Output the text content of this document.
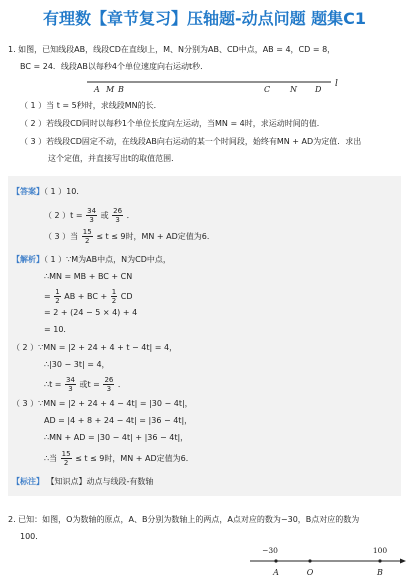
有理数【章节复习】压轴题-动点问题 题集C1
1. 如图，已知线段AB，线段CD在直线l上，M、N分别为AB、CD中点，AB = 4，CD = 8，
BC = 24．线段AB以每秒4个单位速度向右运动t秒．
l
A M B	C N D
（ 1 ）当 t = 5秒时，求线段MN的长．
（ 2 ）若线段CD同时以每秒1个单位长度向左运动，当MN = 4时，求运动时间的值．
（ 3 ）若线段CD固定不动，在线段AB向右运动的某一个时间段，始终有MN + AD为定值．求出
这个定值，并直接写出t的取值范围．
【答案】（ 1 ）10．
（ 2 ）$t = \frac{34}{3}$ 或 $\frac{26}{3}$ ．
（ 3 ）当 $\frac{15}{2} \le t \le 9$时，MN + AD定值为6．
【解析】（ 1 ）∵M为AB中点，N为CD中点，
∴MN = MB + BC + CN
= $\frac{1}{2}$ AB + BC + $\frac{1}{2}$ CD
= 2 + (24 − 5 × 4) + 4
= 10．
（ 2 ）∵MN = |2 + 24 + 4 + t − 4t| = 4，
∴|30 − 3t| = 4，
∴t = $\frac{34}{3}$ 或$t = \frac{26}{3}$ ．
（ 3 ）∵MN = |2 + 24 + 4 − 4t| = |30 − 4t|，
AD = |4 + 8 + 24 − 4t| = |36 − 4t|，
∴MN + AD = |30 − 4t| + |36 − 4t|，
∴当 $\frac{15}{2} \le t \le 9$时，MN + AD定值为6．
【标注】 【知识点】动点与线段-有数轴
2. 已知：如图，O为数轴的原点，A、B分别为数轴上的两点，A点对应的数为−30，B点对应的数为
100．
−30	100
A	O	B
